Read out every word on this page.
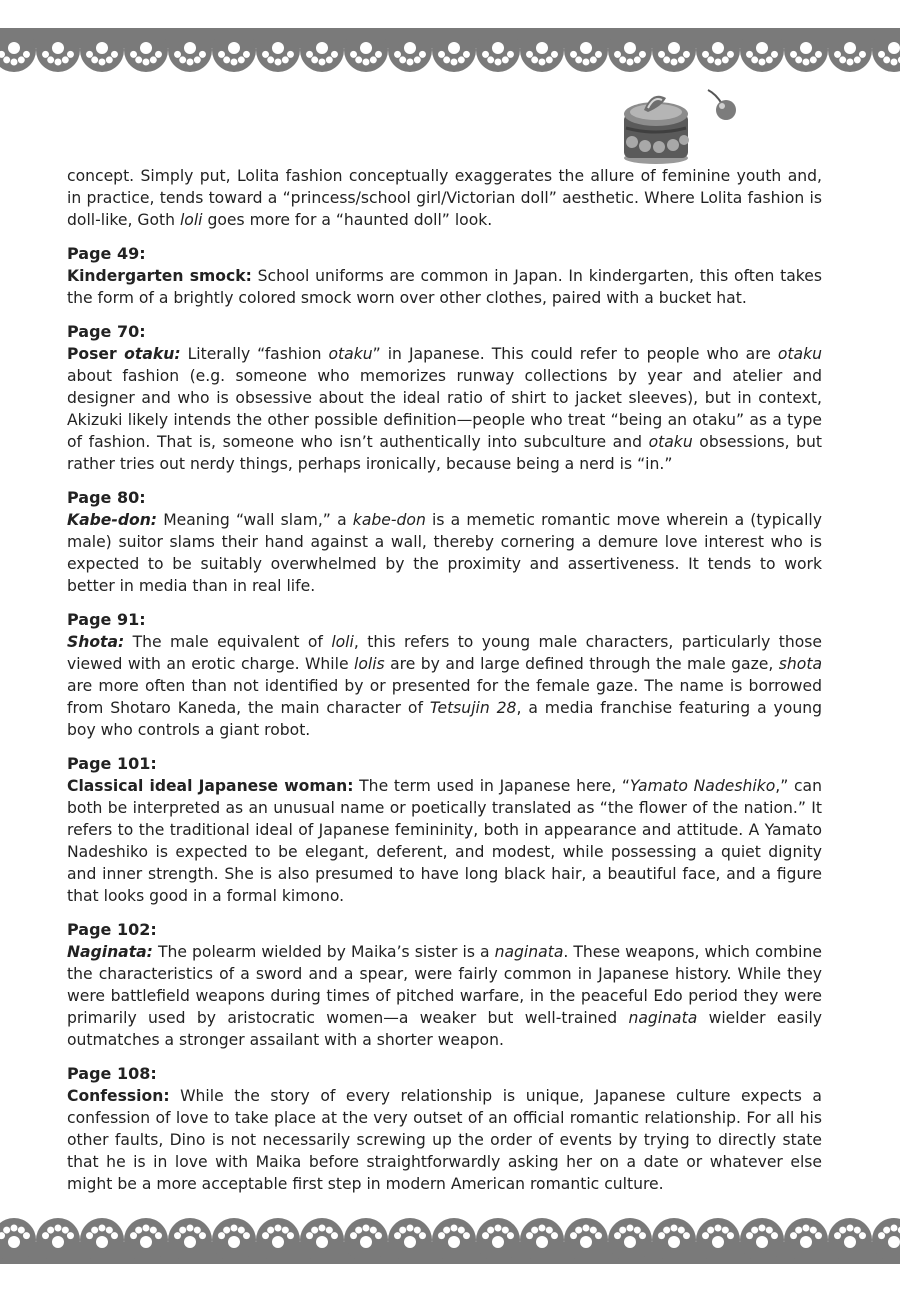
concept. Simply put, Lolita fashion conceptually exaggerates the allure of feminine youth and, in practice, tends toward a “princess/school girl/Victorian doll” aesthetic. Where Lolita fashion is doll-like, Goth loli goes more for a “haunted doll” look.

Page 49:

Kindergarten smock: School uniforms are common in Japan. In kindergarten, this often takes the form of a brightly colored smock worn over other clothes, paired with a bucket hat.

Page 70:

Poser otaku: Literally “fashion otaku” in Japanese. This could refer to people who are otaku about fashion (e.g. someone who memorizes runway collections by year and atelier and designer and who is obsessive about the ideal ratio of shirt to jacket sleeves), but in context, Akizuki likely intends the other possible definition—people who treat “being an otaku” as a type of fashion. That is, someone who isn’t authentically into subculture and otaku obsessions, but rather tries out nerdy things, perhaps ironically, because being a nerd is “in.”

Page 80:

Kabe-don: Meaning “wall slam,” a kabe-don is a memetic romantic move wherein a (typically male) suitor slams their hand against a wall, thereby cornering a demure love interest who is expected to be suitably overwhelmed by the proximity and assertiveness. It tends to work better in media than in real life.

Page 91:

Shota: The male equivalent of loli, this refers to young male characters, particularly those viewed with an erotic charge. While lolis are by and large defined through the male gaze, shota are more often than not identified by or presented for the female gaze. The name is borrowed from Shotaro Kaneda, the main character of Tetsujin 28, a media franchise featuring a young boy who controls a giant robot.

Page 101:

Classical ideal Japanese woman: The term used in Japanese here, “Yamato Nadeshiko,” can both be interpreted as an unusual name or poetically translated as “the flower of the nation.” It refers to the traditional ideal of Japanese femininity, both in appearance and attitude. A Yamato Nadeshiko is expected to be elegant, deferent, and modest, while possessing a quiet dignity and inner strength. She is also presumed to have long black hair, a beautiful face, and a figure that looks good in a formal kimono.

Page 102:

Naginata: The polearm wielded by Maika’s sister is a naginata. These weapons, which combine the characteristics of a sword and a spear, were fairly common in Japanese history. While they were battlefield weapons during times of pitched warfare, in the peaceful Edo period they were primarily used by aristocratic women—a weaker but well-trained naginata wielder easily outmatches a stronger assailant with a shorter weapon.

Page 108:

Confession: While the story of every relationship is unique, Japanese culture expects a confession of love to take place at the very outset of an official romantic relationship. For all his other faults, Dino is not necessarily screwing up the order of events by trying to directly state that he is in love with Maika before straightforwardly asking her on a date or whatever else might be a more acceptable first step in modern American romantic culture.
